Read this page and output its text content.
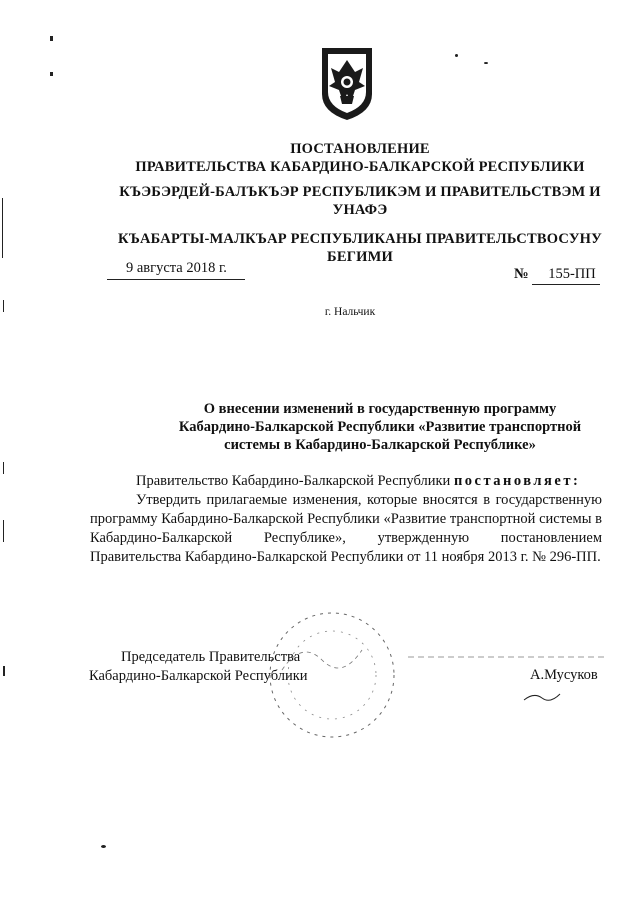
ПОСТАНОВЛЕНИЕ
ПРАВИТЕЛЬСТВА КАБАРДИНО-БАЛКАРСКОЙ РЕСПУБЛИКИ
КЪЭБЭРДЕЙ-БАЛЪКЪЭР РЕСПУБЛИКЭМ И ПРАВИТЕЛЬСТВЭМ И
УНАФЭ
КЪАБАРТЫ-МАЛКЪАР РЕСПУБЛИКАНЫ ПРАВИТЕЛЬСТВОСУНУ
БЕГИМИ
9 августа 2018 г.	№ 155-ПП
г. Нальчик
О внесении изменений в государственную программу
Кабардино-Балкарской Республики «Развитие транспортной
системы в Кабардино-Балкарской Республике»

Правительство Кабардино-Балкарской Республики постановляет:

Утвердить прилагаемые изменения, которые вносятся в государственную программу Кабардино-Балкарской Республики «Развитие транспортной системы в Кабардино-Балкарской Республике», утвержденную постановлением Правительства Кабардино-Балкарской Республики от 11 ноября 2013 г. № 296-ПП.

Председатель Правительства
Кабардино-Балкарской Республики	А.Мусуков
